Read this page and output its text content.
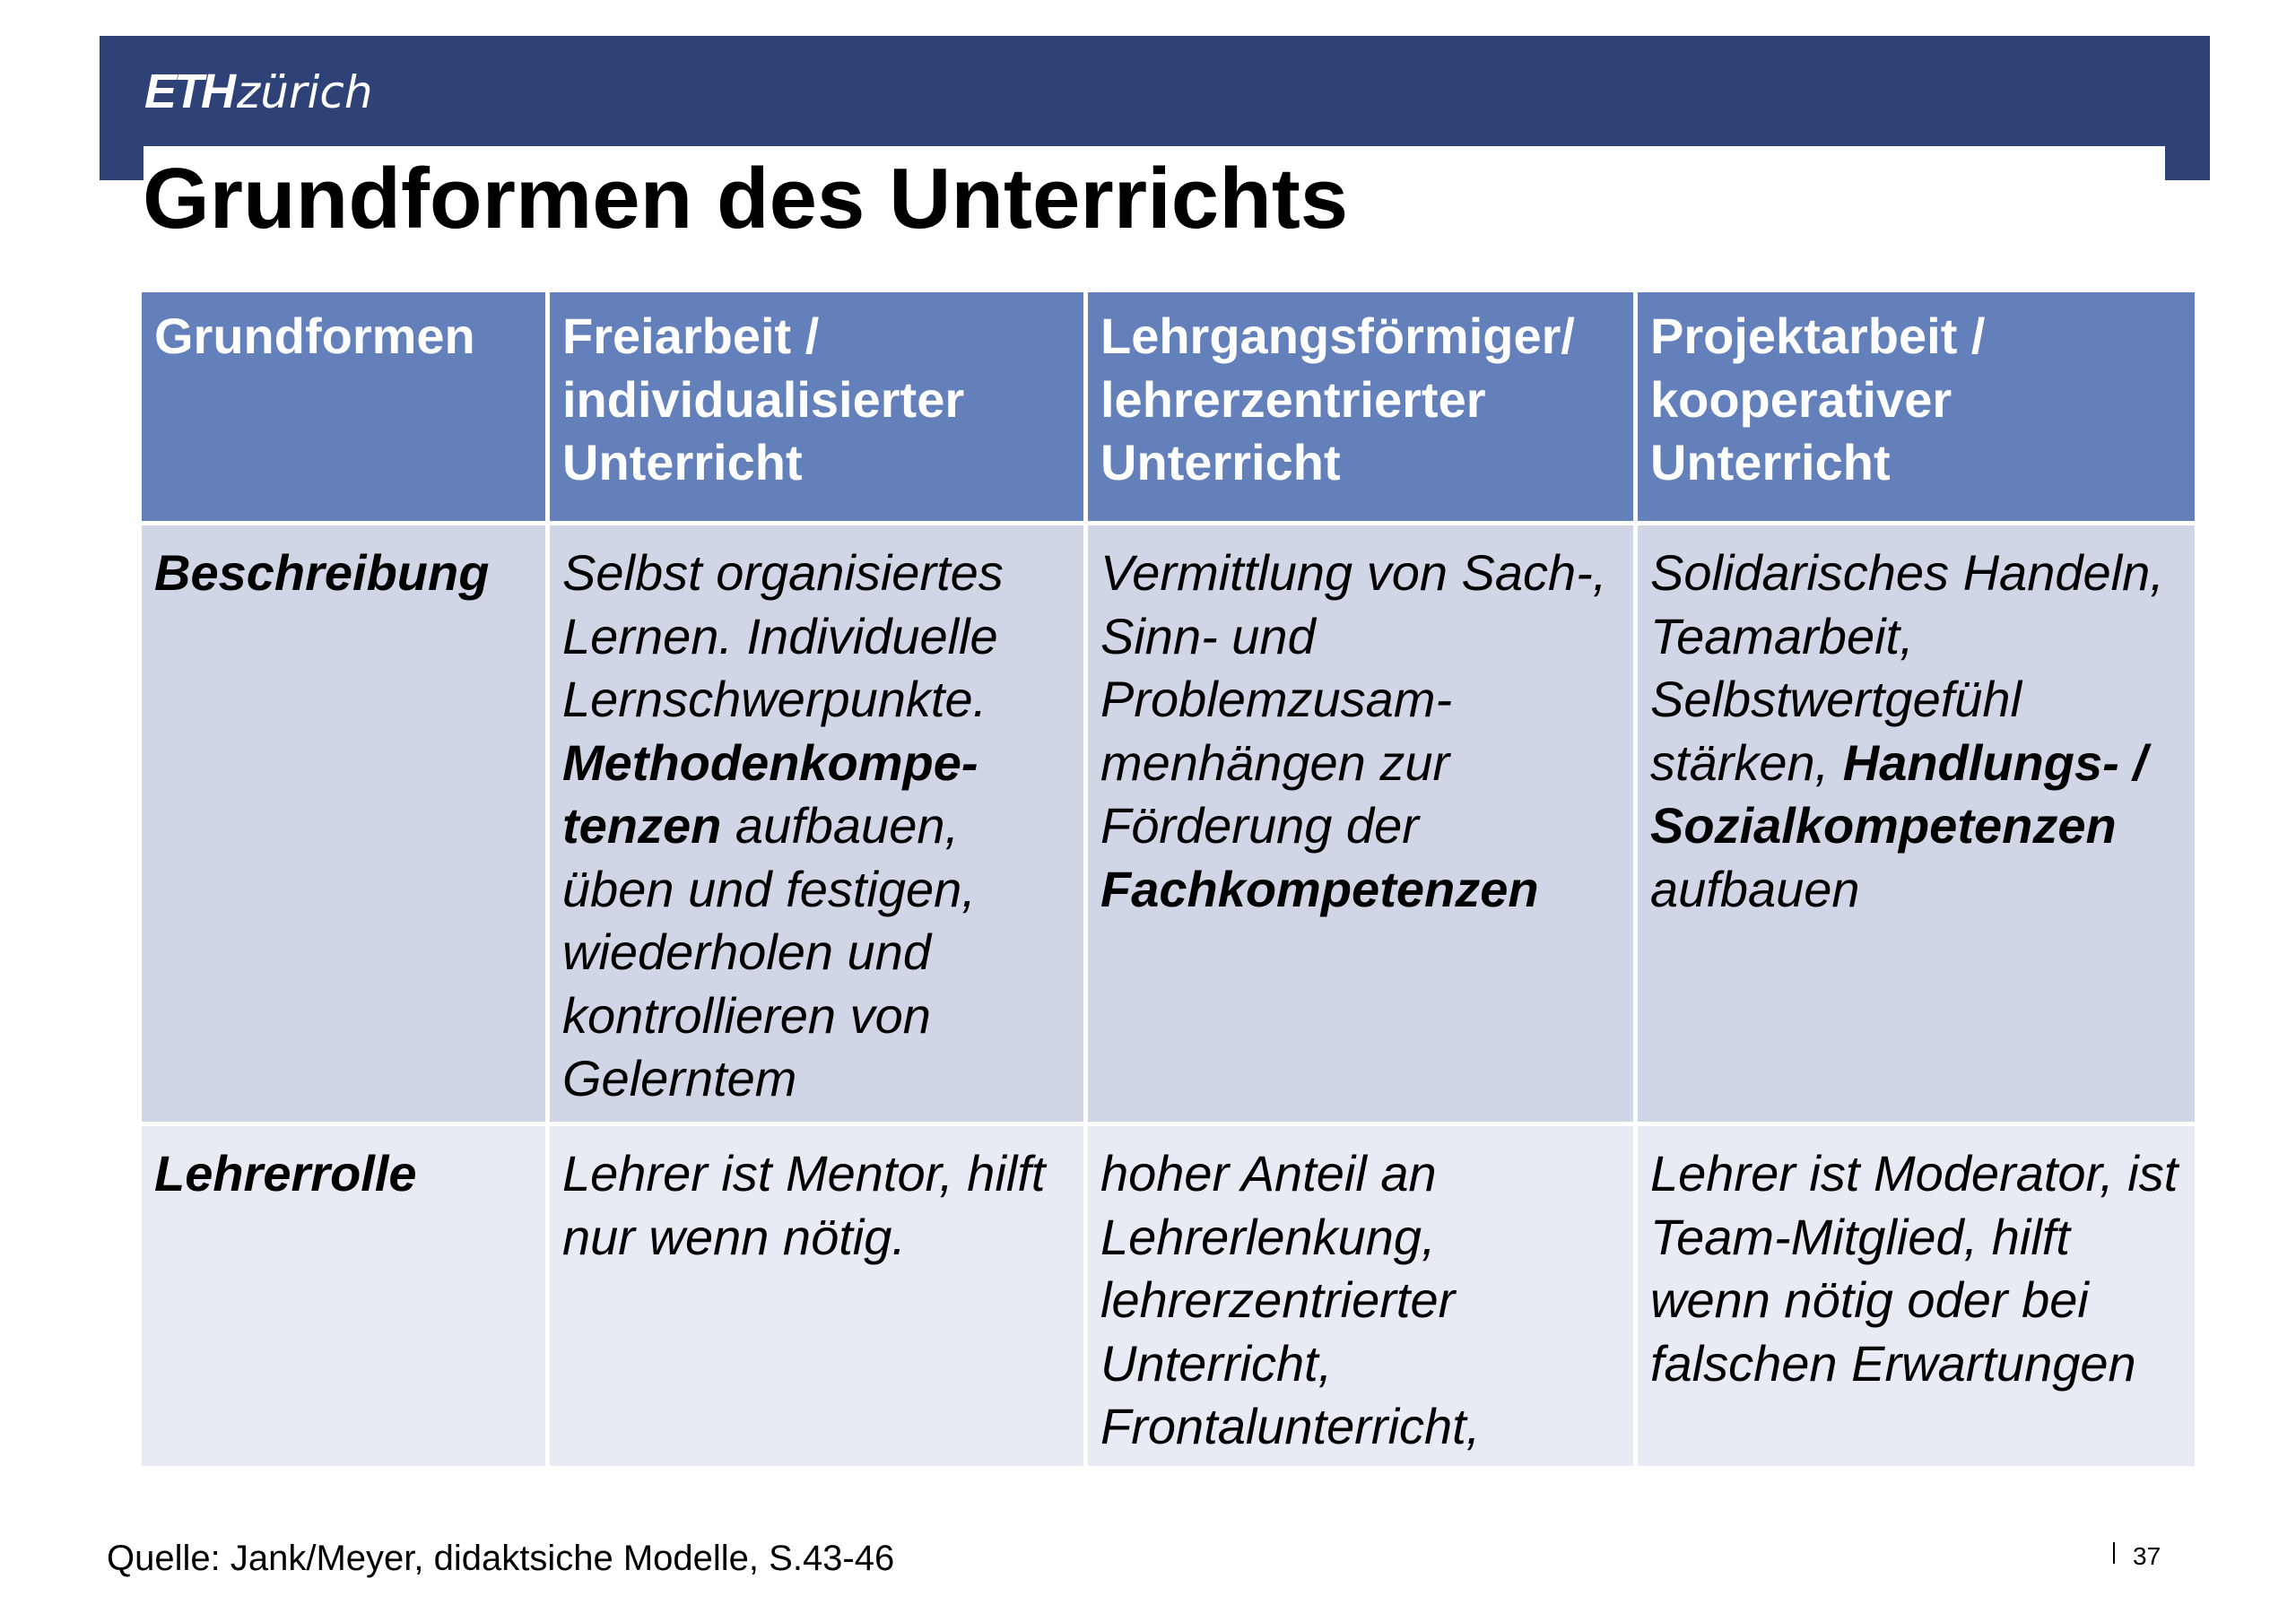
ETHzürich
Grundformen des Unterrichts
Grundformen	Freiarbeit / individualisierter Unterricht	Lehrgangsförmiger/ lehrerzentrierter Unterricht	Projektarbeit / kooperativer Unterricht
Beschreibung	Selbst organisiertes Lernen. Individuelle Lernschwerpunkte. Methodenkompe-tenzen aufbauen, üben und festigen, wiederholen und kontrollieren von Gelerntem	Vermittlung von Sach-, Sinn- und Problemzusam-menhängen zur Förderung der Fachkompetenzen	Solidarisches Handeln, Teamarbeit, Selbstwertgefühl stärken, Handlungs- / Sozialkompetenzen aufbauen
Lehrerrolle	Lehrer ist Mentor, hilft nur wenn nötig.	hoher Anteil an Lehrerlenkung, lehrerzentrierter Unterricht, Frontalunterricht,	Lehrer ist Moderator, ist Team-Mitglied, hilft wenn nötig oder bei falschen Erwartungen
Quelle: Jank/Meyer, didaktsiche Modelle, S.43-46	37
